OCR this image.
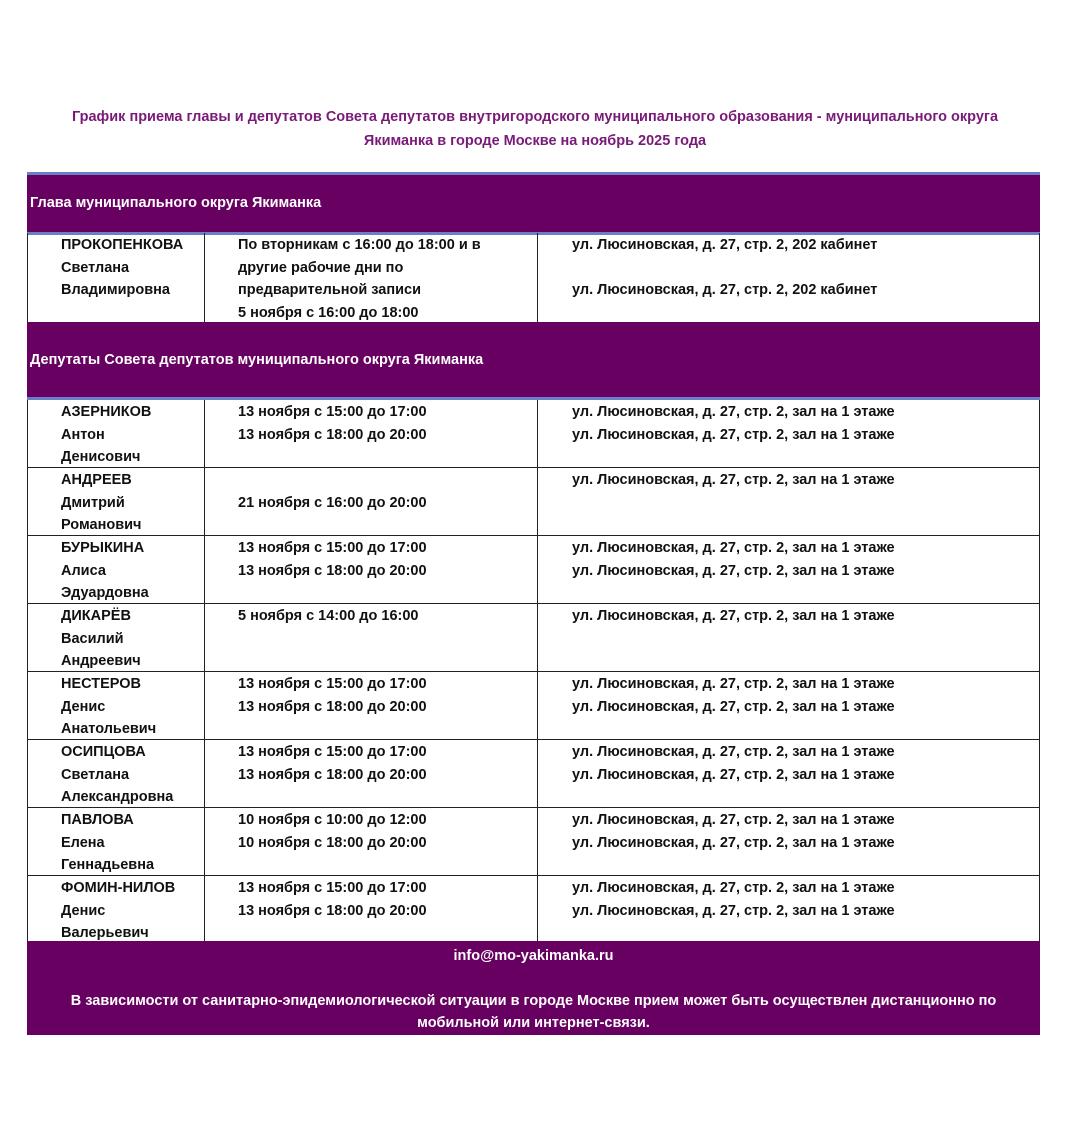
График приема главы и депутатов Совета депутатов внутригородского муниципального образования - муниципального округа
Якиманка в городе Москве на ноябрь 2025 года
Глава муниципального округа Якиманка
ПРОКОПЕНКОВА
Светлана
Владимировна
По вторникам с 16:00 до 18:00 и в
другие рабочие дни по
предварительной записи
5 ноября с 16:00 до 18:00
ул. Люсиновская, д. 27, стр. 2, 202 кабинет
ул. Люсиновская, д. 27, стр. 2, 202 кабинет
Депутаты Совета депутатов муниципального округа Якиманка
АЗЕРНИКОВ
Антон
Денисович
13 ноября с 15:00 до 17:00
13 ноября с 18:00 до 20:00
ул. Люсиновская, д. 27, стр. 2, зал на 1 этаже
ул. Люсиновская, д. 27, стр. 2, зал на 1 этаже
АНДРЕЕВ
Дмитрий
Романович
21 ноября с 16:00 до 20:00
ул. Люсиновская, д. 27, стр. 2, зал на 1 этаже
БУРЫКИНА
Алиса
Эдуардовна
13 ноября с 15:00 до 17:00
13 ноября с 18:00 до 20:00
ул. Люсиновская, д. 27, стр. 2, зал на 1 этаже
ул. Люсиновская, д. 27, стр. 2, зал на 1 этаже
ДИКАРЁВ
Василий
Андреевич
5 ноября с 14:00 до 16:00	ул. Люсиновская, д. 27, стр. 2, зал на 1 этаже
НЕСТЕРОВ
Денис
Анатольевич
13 ноября с 15:00 до 17:00
13 ноября с 18:00 до 20:00
ул. Люсиновская, д. 27, стр. 2, зал на 1 этаже
ул. Люсиновская, д. 27, стр. 2, зал на 1 этаже
ОСИПЦОВА
Светлана
Александровна
13 ноября с 15:00 до 17:00
13 ноября с 18:00 до 20:00
ул. Люсиновская, д. 27, стр. 2, зал на 1 этаже
ул. Люсиновская, д. 27, стр. 2, зал на 1 этаже
ПАВЛОВА
Елена
Геннадьевна
10 ноября с 10:00 до 12:00
10 ноября с 18:00 до 20:00
ул. Люсиновская, д. 27, стр. 2, зал на 1 этаже
ул. Люсиновская, д. 27, стр. 2, зал на 1 этаже
ФОМИН-НИЛОВ
Денис
Валерьевич
13 ноября с 15:00 до 17:00
13 ноября с 18:00 до 20:00
ул. Люсиновская, д. 27, стр. 2, зал на 1 этаже
ул. Люсиновская, д. 27, стр. 2, зал на 1 этаже
info@mo-yakimanka.ru
В зависимости от санитарно-эпидемиологической ситуации в городе Москве прием может быть осуществлен дистанционно по
мобильной или интернет-связи.
